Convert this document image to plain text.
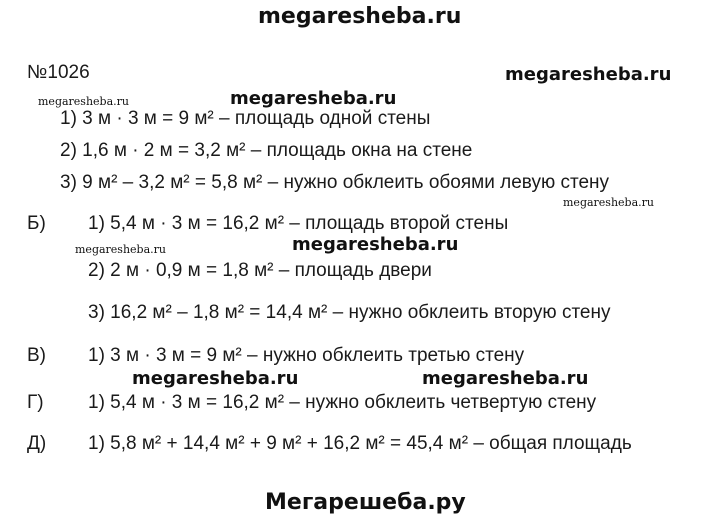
megaresheba.ru
megaresheba.ru
megaresheba.ru	megaresheba.ru
megaresheba.ru
megaresheba.ru	megaresheba.ru
megaresheba.ru	megaresheba.ru
№1026
1) 3 м · 3 м = 9 м² – площадь одной стены
2) 1,6 м · 2 м = 3,2 м² – площадь окна на стене
3) 9 м² – 3,2 м² = 5,8 м² – нужно обклеить обоями левую стену
Б) 1) 5,4 м · 3 м = 16,2 м² – площадь второй стены
2) 2 м · 0,9 м = 1,8 м² – площадь двери
3) 16,2 м² – 1,8 м² = 14,4 м² – нужно обклеить вторую стену
В) 1) 3 м · 3 м = 9 м² – нужно обклеить третью стену
Г) 1) 5,4 м · 3 м = 16,2 м² – нужно обклеить четвертую стену
Д) 1) 5,8 м² + 14,4 м² + 9 м² + 16,2 м² = 45,4 м² – общая площадь
Мегарешеба.ру
